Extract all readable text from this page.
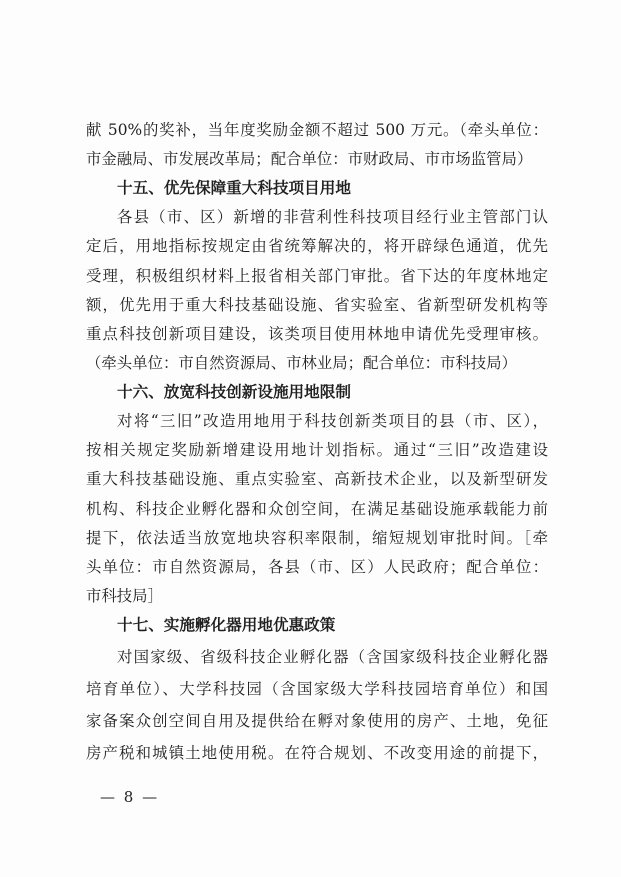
献 50%的奖补，当年度奖励金额不超过 500 万元。（牵头单位：
市金融局、市发展改革局；配合单位：市财政局、市市场监管局）
十五、优先保障重大科技项目用地
各县（市、区）新增的非营利性科技项目经行业主管部门认
定后，用地指标按规定由省统筹解决的，将开辟绿色通道，优先
受理，积极组织材料上报省相关部门审批。省下达的年度林地定
额，优先用于重大科技基础设施、省实验室、省新型研发机构等
重点科技创新项目建设，该类项目使用林地申请优先受理审核。
（牵头单位：市自然资源局、市林业局；配合单位：市科技局）
十六、放宽科技创新设施用地限制
对将“三旧”改造用地用于科技创新类项目的县（市、区），
按相关规定奖励新增建设用地计划指标。通过“三旧”改造建设
重大科技基础设施、重点实验室、高新技术企业，以及新型研发
机构、科技企业孵化器和众创空间，在满足基础设施承载能力前
提下，依法适当放宽地块容积率限制，缩短规划审批时间。［牵
头单位：市自然资源局，各县（市、区）人民政府；配合单位：
市科技局］
十七、实施孵化器用地优惠政策
对国家级、省级科技企业孵化器（含国家级科技企业孵化器
培育单位）、大学科技园（含国家级大学科技园培育单位）和国
家备案众创空间自用及提供给在孵对象使用的房产、土地，免征
房产税和城镇土地使用税。在符合规划、不改变用途的前提下，
— 8 —
